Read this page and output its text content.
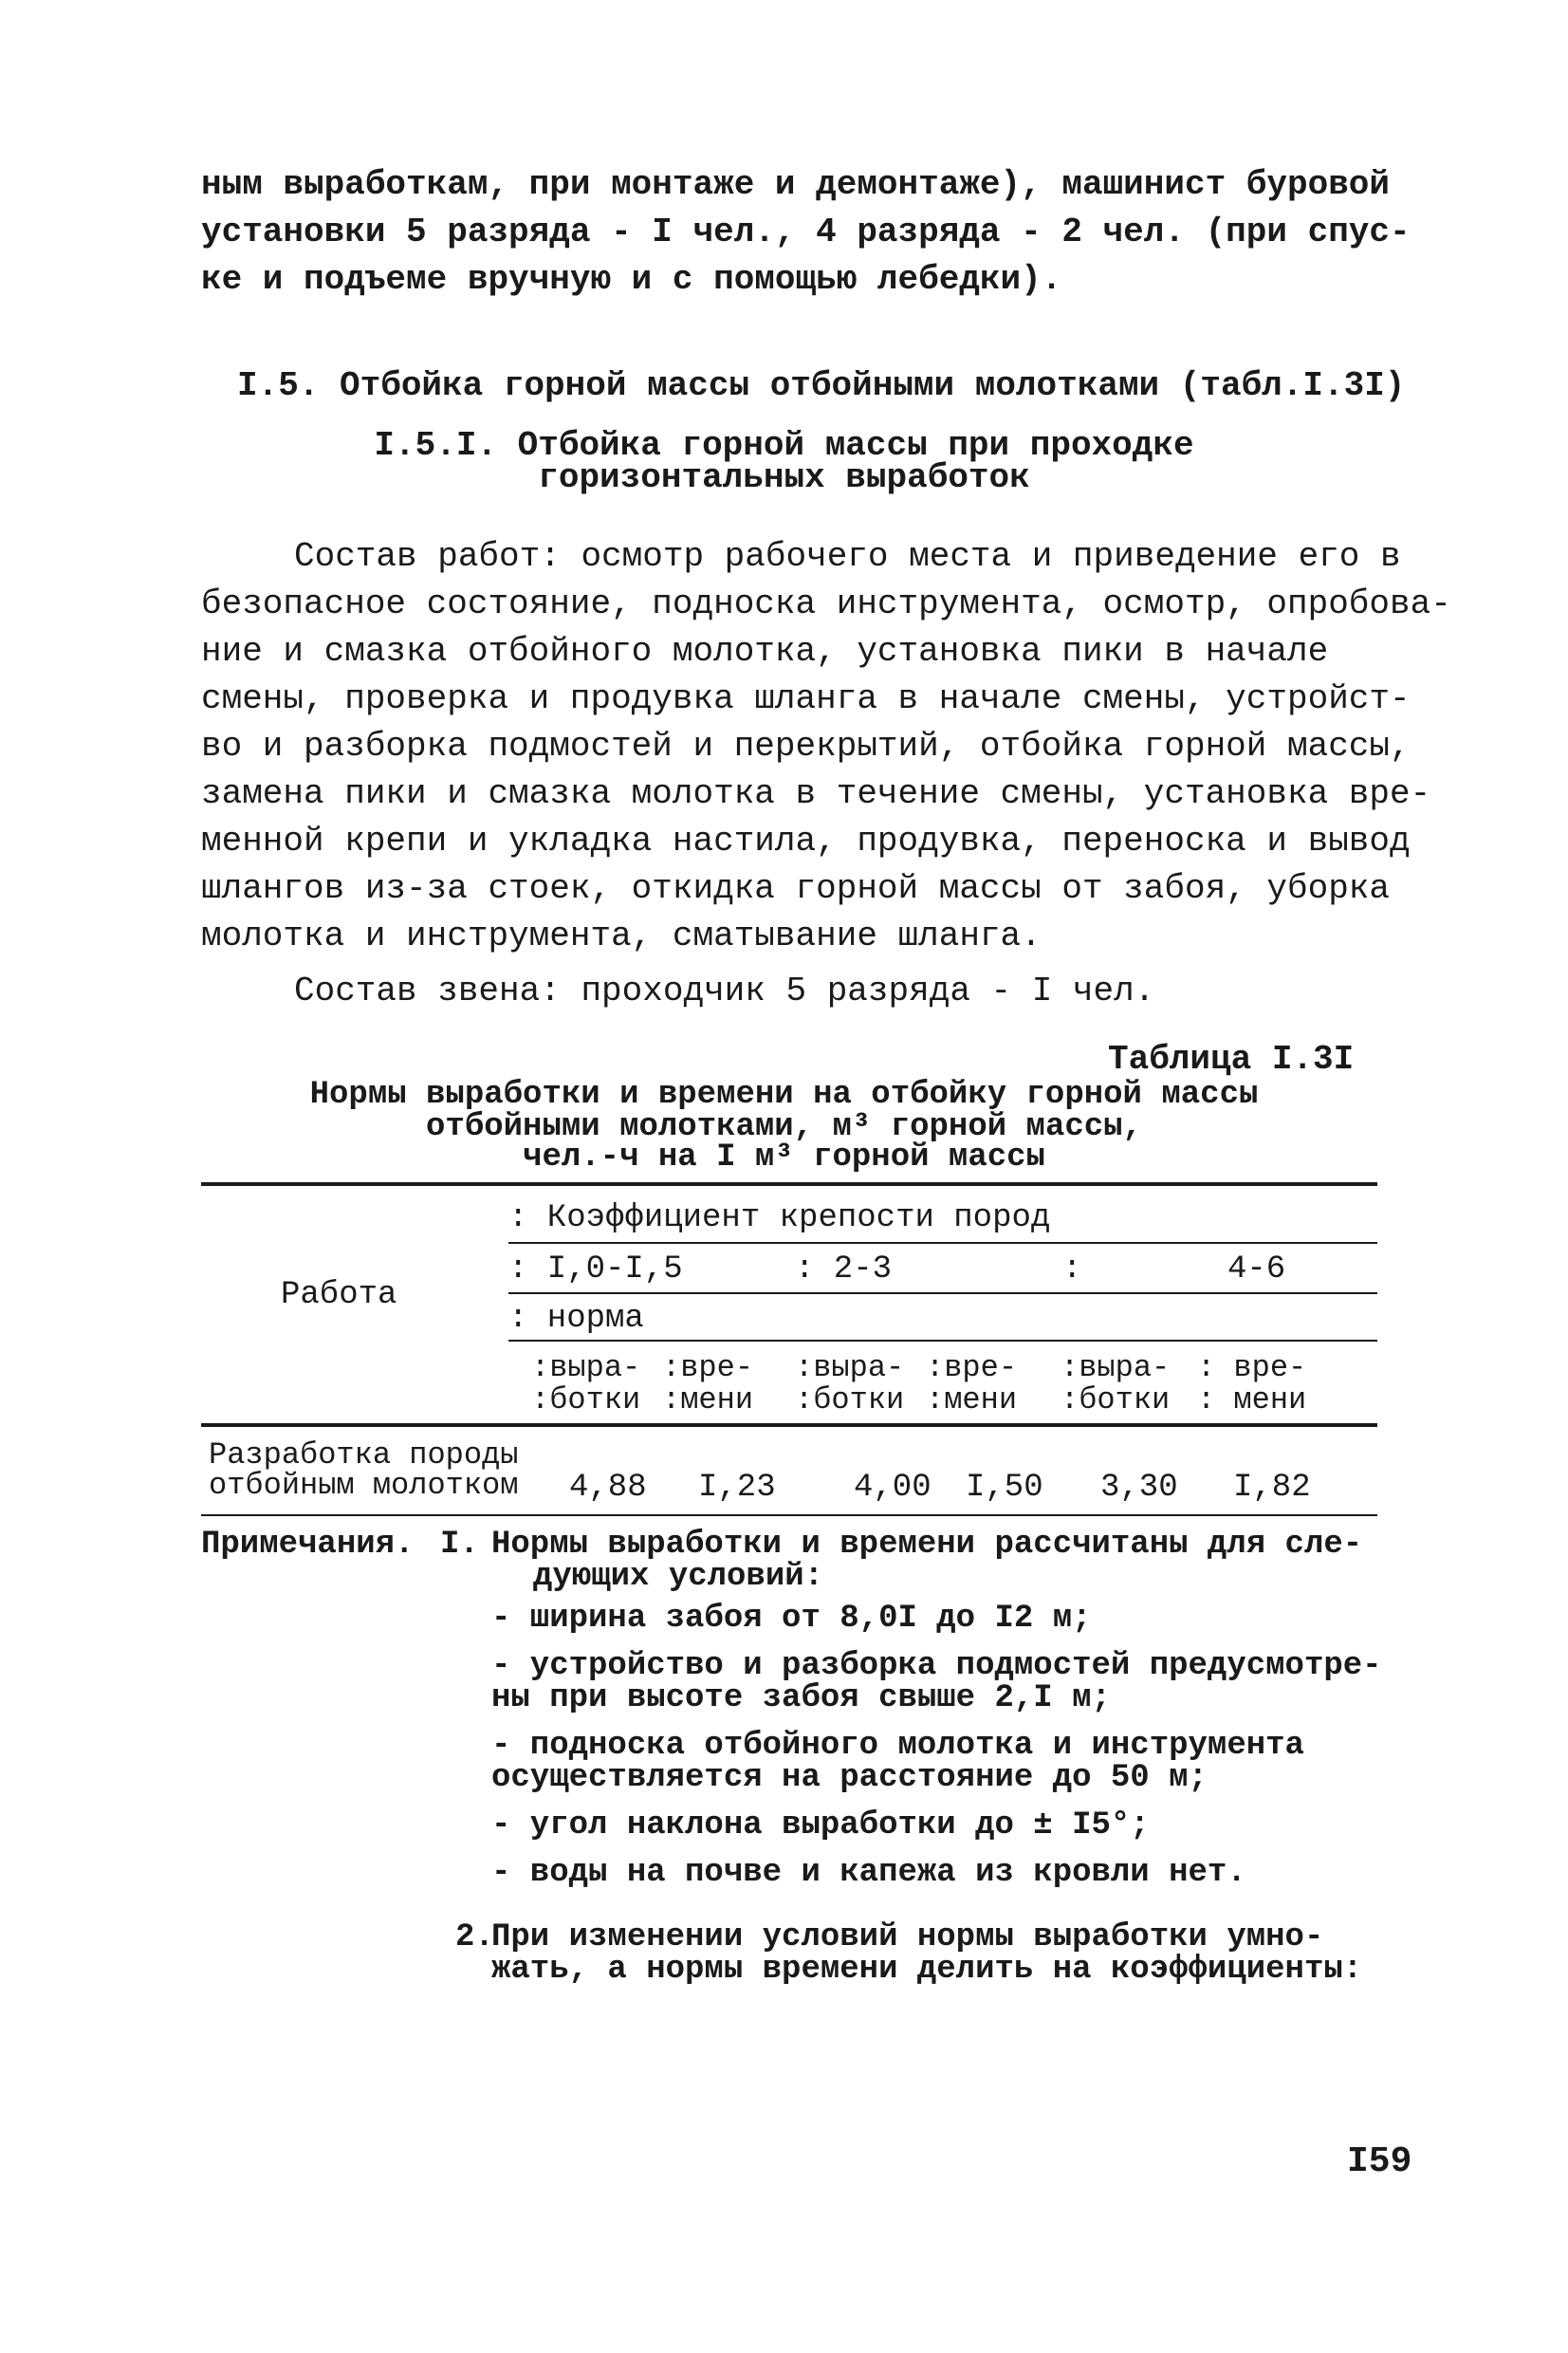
ным выработкам, при монтаже и демонтаже), машинист буровой
установки 5 разряда - I чел., 4 разряда - 2 чел. (при спус-
ке и подъеме вручную и с помощью лебедки).
I.5. Отбойка горной массы отбойными молотками (табл.I.3I)
I.5.I. Отбойка горной массы при проходке
горизонтальных выработок
Состав работ: осмотр рабочего места и приведение его в
безопасное состояние, подноска инструмента, осмотр, опробова-
ние и смазка отбойного молотка, установка пики в начале
смены, проверка и продувка шланга в начале смены, устройст-
во и разборка подмостей и перекрытий, отбойка горной массы,
замена пики и смазка молотка в течение смены, установка вре-
менной крепи и укладка настила, продувка, переноска и вывод
шлангов из-за стоек, откидка горной массы от забоя, уборка
молотка и инструмента, сматывание шланга.
Состав звена: проходчик 5 разряда - I чел.
Таблица I.3I
Нормы выработки и времени на отбойку горной массы
отбойными молотками, м³ горной массы,
чел.-ч на I м³ горной массы
Работа
: Коэффициент крепости пород
: I,0-I,5	: 2-3	:	4-6
: норма
:выра- :вре- :выра- :вре- :выра- : вре-
:ботки :мени :ботки :мени :ботки : мени
Разработка породы
отбойным молотком 4,88 I,23 4,00 I,50 3,30 I,82
Примечания. I. Нормы выработки и времени рассчитаны для сле-
дующих условий:
- ширина забоя от 8,0I до I2 м;
- устройство и разборка подмостей предусмотре-
ны при высоте забоя свыше 2,I м;
- подноска отбойного молотка и инструмента
осуществляется на расстояние до 50 м;
- угол наклона выработки до ± I5°;
- воды на почве и капежа из кровли нет.
2.
При изменении условий нормы выработки умно-
жать, а нормы времени делить на коэффициенты:
I59
